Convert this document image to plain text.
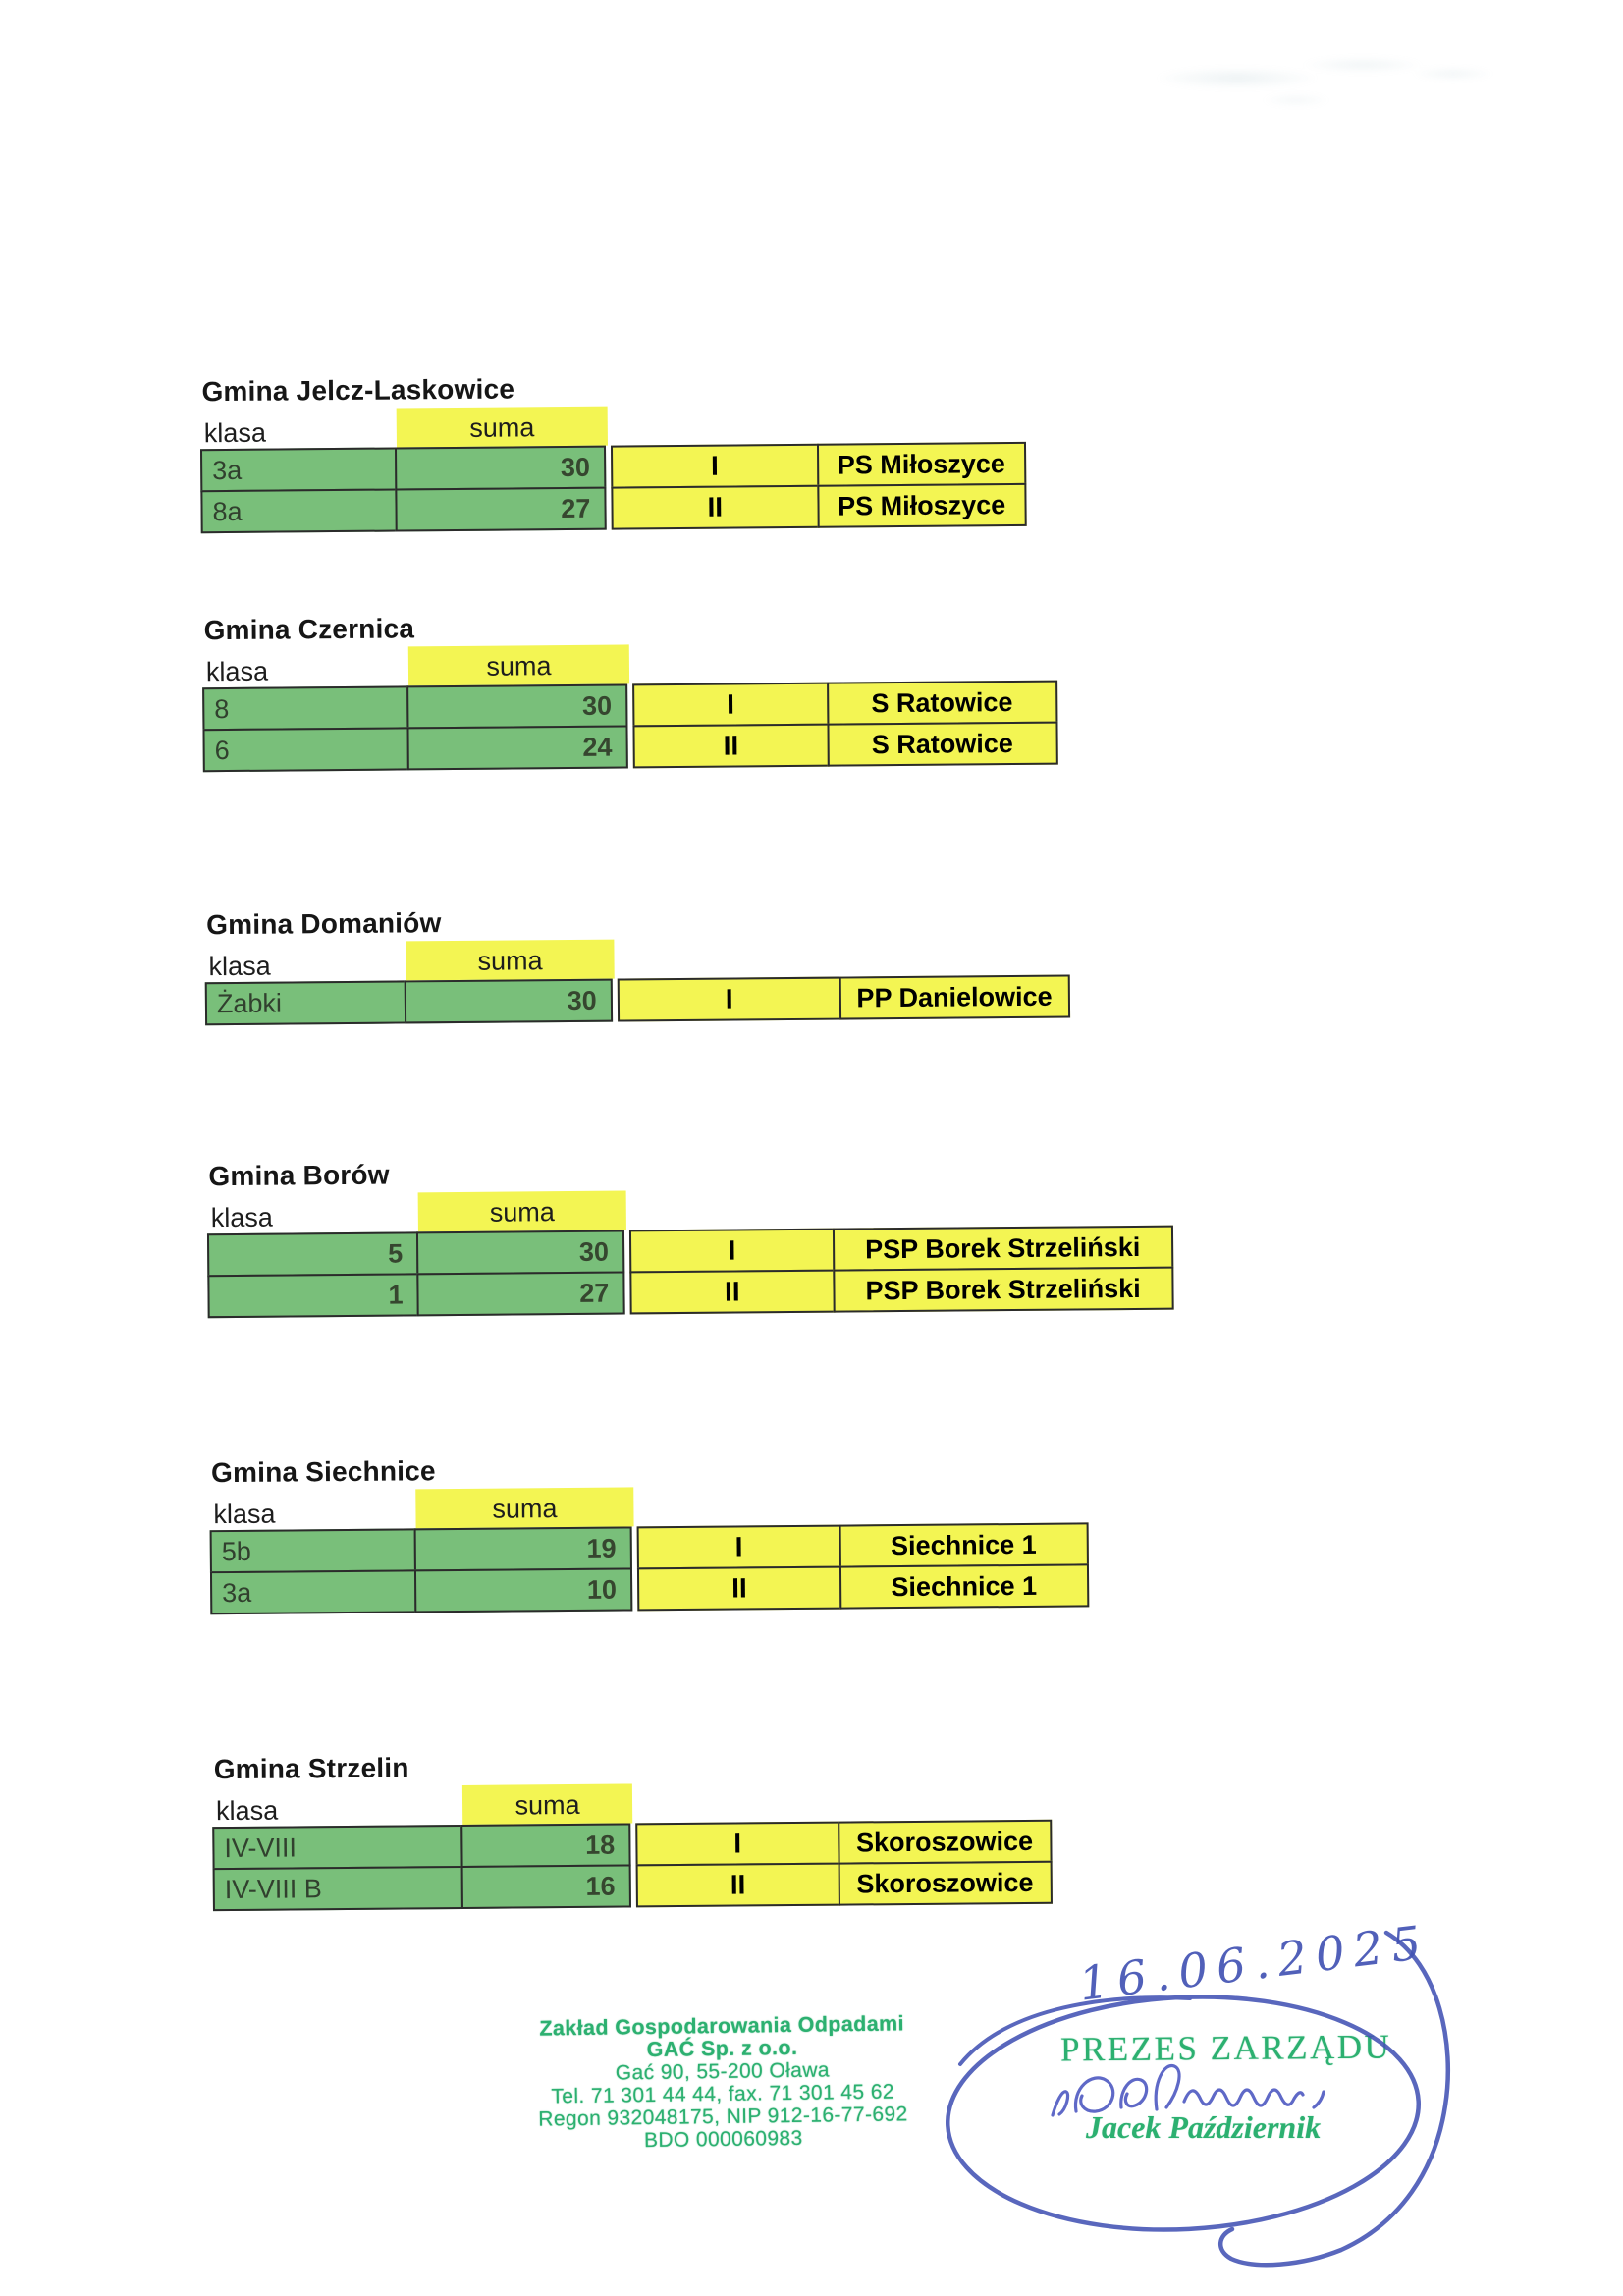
Gmina Jelcz-Laskowice
klasa	suma
3a	30	I	PS Miłoszyce
8a	27	II	PS Miłoszyce
Gmina Czernica
klasa	suma
8	30	I	S Ratowice
6	24	II	S Ratowice
Gmina Domaniów
klasa	suma
Żabki	30	I	PP Danielowice
Gmina Borów
klasa	suma
5	30	I	PSP Borek Strzeliński
1	27	II	PSP Borek Strzeliński
Gmina Siechnice
klasa	suma
5b	19	I	Siechnice 1
3a	10	II	Siechnice 1
Gmina Strzelin
klasa	suma
IV-VIII	18	I	Skoroszowice
IV-VIII B	16	II	Skoroszowice
Zakład Gospodarowania Odpadami
GAĆ Sp. z o.o.
Gać 90, 55-200 Oława
Tel. 71 301 44 44, fax. 71 301 45 62
Regon 932048175, NIP 912-16-77-692
BDO 000060983
16.06.2025
PREZES ZARZĄDU
Jacek Październik
